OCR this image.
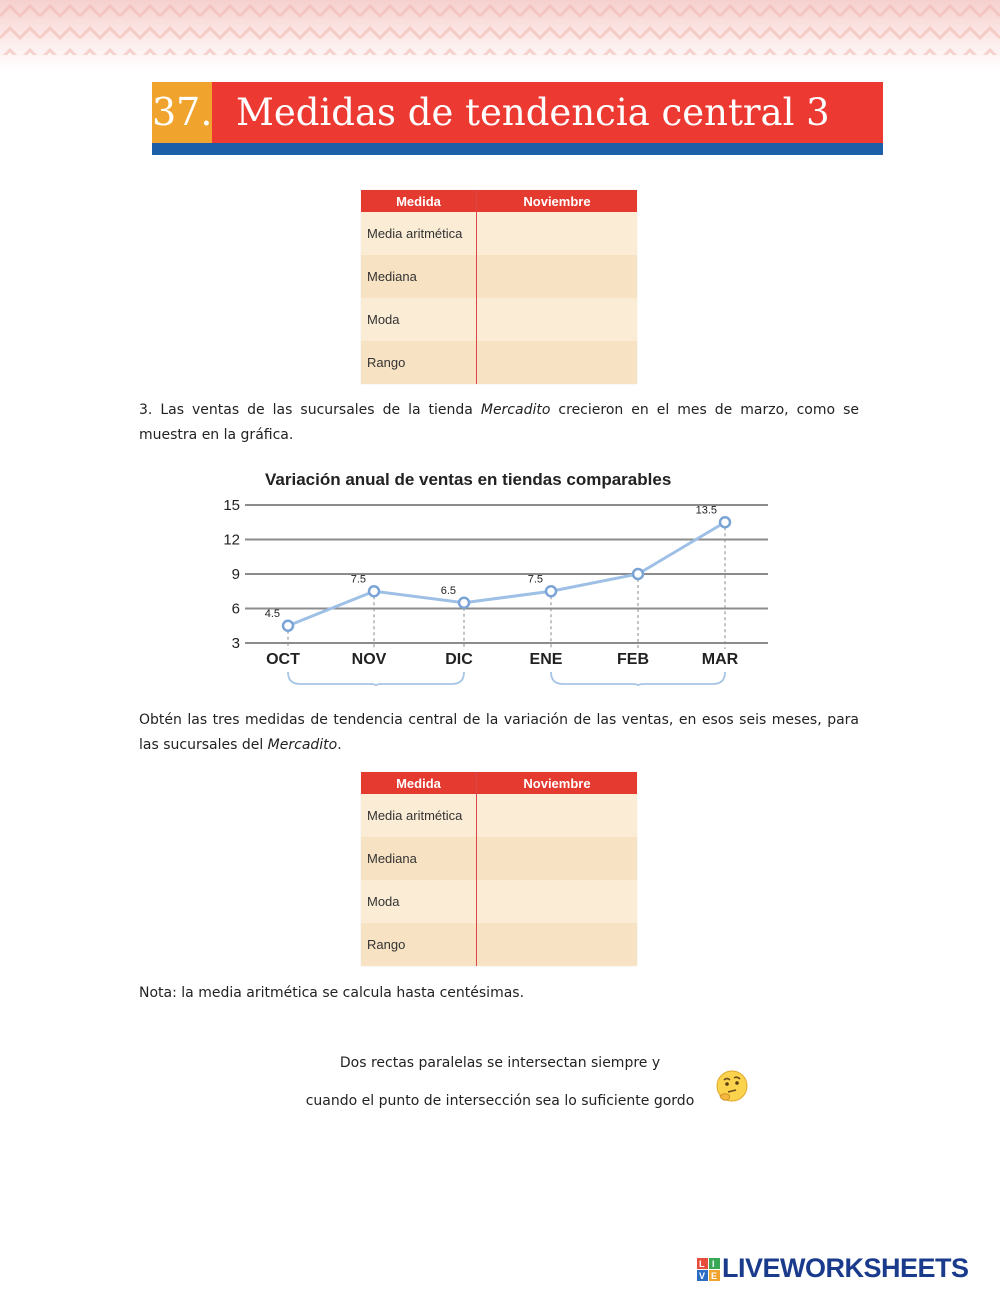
37. Medidas de tendencia central 3
Medida	Noviembre
Media aritmética	
Mediana	
Moda	
Rango	
3. Las ventas de las sucursales de la tienda Mercadito crecieron en el mes de marzo, como se muestra en la gráfica.
Variación anual de ventas en tiendas comparables
15
12
9
6
3
4.5
7.5
6.5
7.5
13.5
OCT	NOV	DIC	ENE	FEB	MAR
Obtén las tres medidas de tendencia central de la variación de las ventas, en esos seis meses, para las sucursales del Mercadito.
Medida	Noviembre
Media aritmética	
Mediana	
Moda	
Rango	
Nota: la media aritmética se calcula hasta centésimas.
Dos rectas paralelas se intersectan siempre y
cuando el punto de intersección sea lo suficiente gordo
L I
V E LIVEWORKSHEETS
